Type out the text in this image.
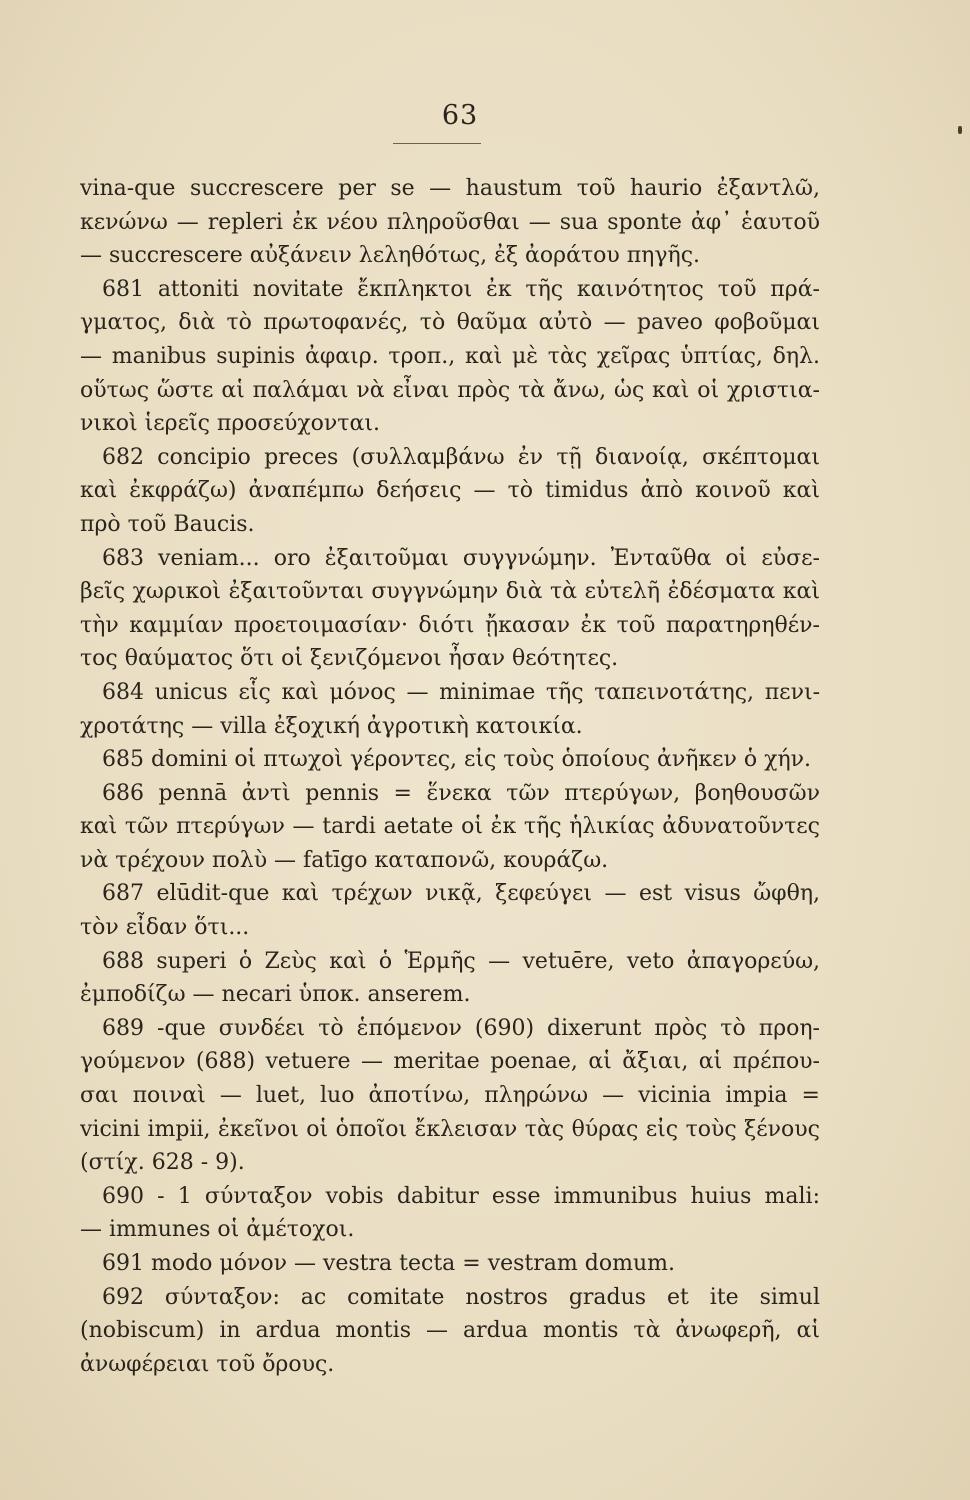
63
vina-que succrescere per se — haustum τοῦ haurio ἐξαντλῶ,
κενώνω — repleri ἐκ νέου πληροῦσθαι — sua sponte ἀφ᾽ ἑαυτοῦ
— succrescere αὐξάνειν λεληθότως, ἐξ ἀοράτου πηγῆς.
681 attoniti novitate ἔκπληκτοι ἐκ τῆς καινότητος τοῦ πρά-
γματος, διὰ τὸ πρωτοφανές, τὸ θαῦμα αὐτὸ — paveo φοβοῦμαι
— manibus supinis ἀφαιρ. τροπ., καὶ μὲ τὰς χεῖρας ὑπτίας, δηλ.
οὕτως ὥστε αἱ παλάμαι νὰ εἶναι πρὸς τὰ ἄνω, ὡς καὶ οἱ χριστια-
νικοὶ ἱερεῖς προσεύχονται.
682 concipio preces (συλλαμβάνω ἐν τῇ διανοίᾳ, σκέπτομαι
καὶ ἐκφράζω) ἀναπέμπω δεήσεις — τὸ timidus ἀπὸ κοινοῦ καὶ
πρὸ τοῦ Baucis.
683 veniam... oro ἐξαιτοῦμαι συγγνώμην. Ἐνταῦθα οἱ εὐσε-
βεῖς χωρικοὶ ἐξαιτοῦνται συγγνώμην διὰ τὰ εὐτελῆ ἐδέσματα καὶ
τὴν καμμίαν προετοιμασίαν· διότι ᾔκασαν ἐκ τοῦ παρατηρηθέν-
τος θαύματος ὅτι οἱ ξενιζόμενοι ἦσαν θεότητες.
684 unicus εἷς καὶ μόνος — minimae τῆς ταπεινοτάτης, πενι-
χροτάτης — villa ἐξοχική ἀγροτικὴ κατοικία.
685 domini οἱ πτωχοὶ γέροντες, εἰς τοὺς ὁποίους ἀνῆκεν ὁ χήν.
686 pennā ἀντὶ pennis = ἕνεκα τῶν πτερύγων, βοηθουσῶν
καὶ τῶν πτερύγων — tardi aetate οἱ ἐκ τῆς ἡλικίας ἀδυνατοῦντες
νὰ τρέχουν πολὺ — fatīgo καταπονῶ, κουράζω.
687 elūdit-que καὶ τρέχων νικᾷ, ξεφεύγει — est visus ὤφθη,
τὸν εἶδαν ὅτι...
688 superi ὁ Ζεὺς καὶ ὁ Ἑρμῆς — vetuēre, veto ἀπαγορεύω,
ἐμποδίζω — necari ὑποκ. anserem.
689 -que συνδέει τὸ ἑπόμενον (690) dixerunt πρὸς τὸ προη-
γούμενον (688) vetuere — meritae poenae, αἱ ἄξιαι, αἱ πρέπου-
σαι ποιναὶ — luet, luo ἀποτίνω, πληρώνω — vicinia impia =
vicini impii, ἐκεῖνοι οἱ ὁποῖοι ἔκλεισαν τὰς θύρας εἰς τοὺς ξένους
(στίχ. 628 - 9).
690 - 1 σύνταξον vobis dabitur esse immunibus huius mali:
— immunes οἱ ἀμέτοχοι.
691 modo μόνον — vestra tecta = vestram domum.
692 σύνταξον: ac comitate nostros gradus et ite simul
(nobiscum) in ardua montis — ardua montis τὰ ἀνωφερῆ, αἱ
ἀνωφέρειαι τοῦ ὄρους.
